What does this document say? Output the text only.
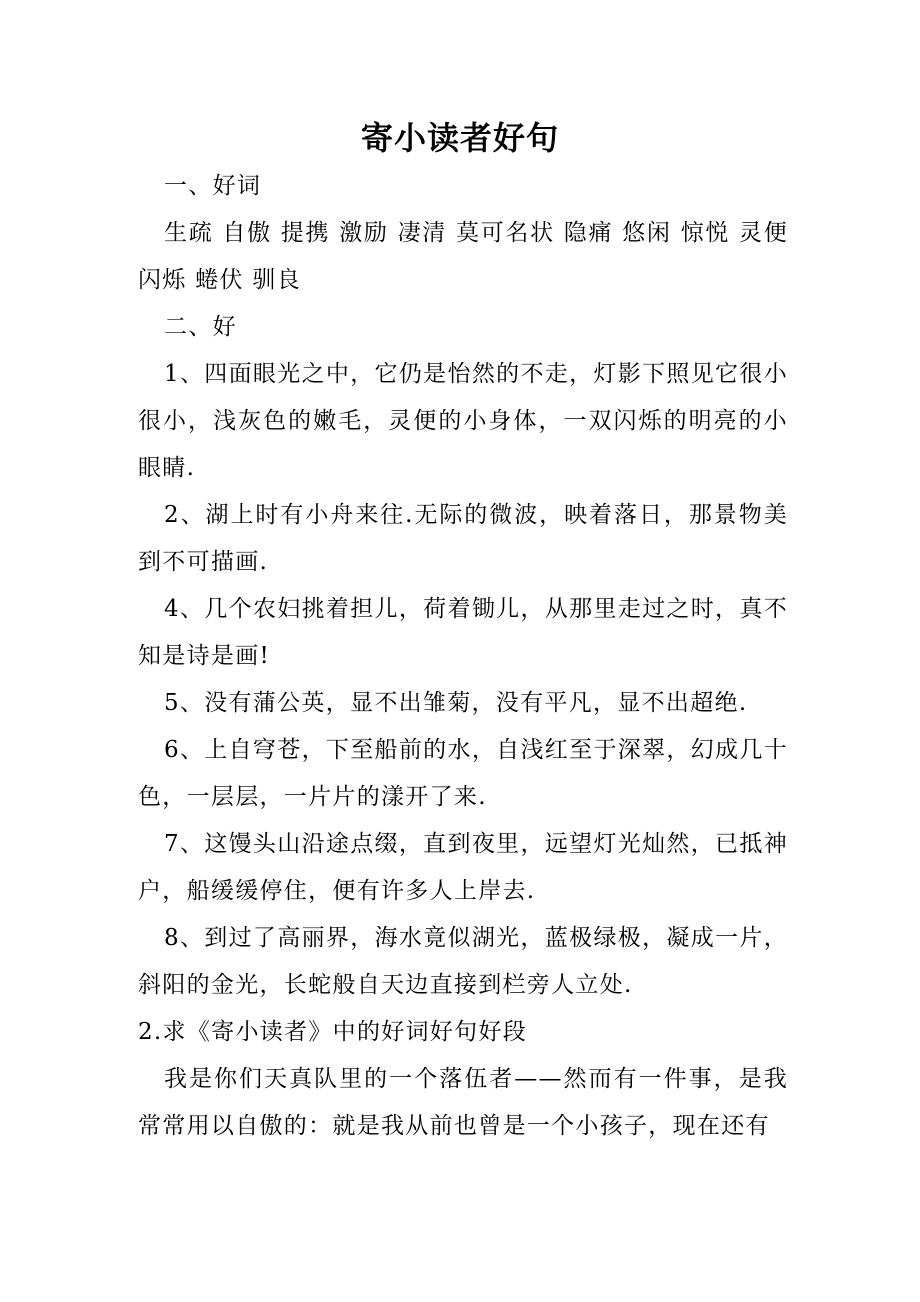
寄小读者好句

一、好词

生疏 自傲 提携 激励 凄清 莫可名状 隐痛 悠闲 惊悦 灵便 闪烁 蜷伏 驯良

二、好

1、四面眼光之中，它仍是怡然的不走，灯影下照见它很小很小，浅灰色的嫩毛，灵便的小身体，一双闪烁的明亮的小眼睛.

2、湖上时有小舟来往.无际的微波，映着落日，那景物美到不可描画.

4、几个农妇挑着担儿，荷着锄儿，从那里走过之时，真不知是诗是画!

5、没有蒲公英，显不出雏菊，没有平凡，显不出超绝.

6、上自穹苍，下至船前的水，自浅红至于深翠，幻成几十色，一层层，一片片的漾开了来.

7、这馒头山沿途点缀，直到夜里，远望灯光灿然，已抵神户，船缓缓停住，便有许多人上岸去.

8、到过了高丽界，海水竟似湖光，蓝极绿极，凝成一片，斜阳的金光，长蛇般自天边直接到栏旁人立处.

2.求《寄小读者》中的好词好句好段

我是你们天真队里的一个落伍者——然而有一件事，是我常常用以自傲的：就是我从前也曾是一个小孩子，现在还有
